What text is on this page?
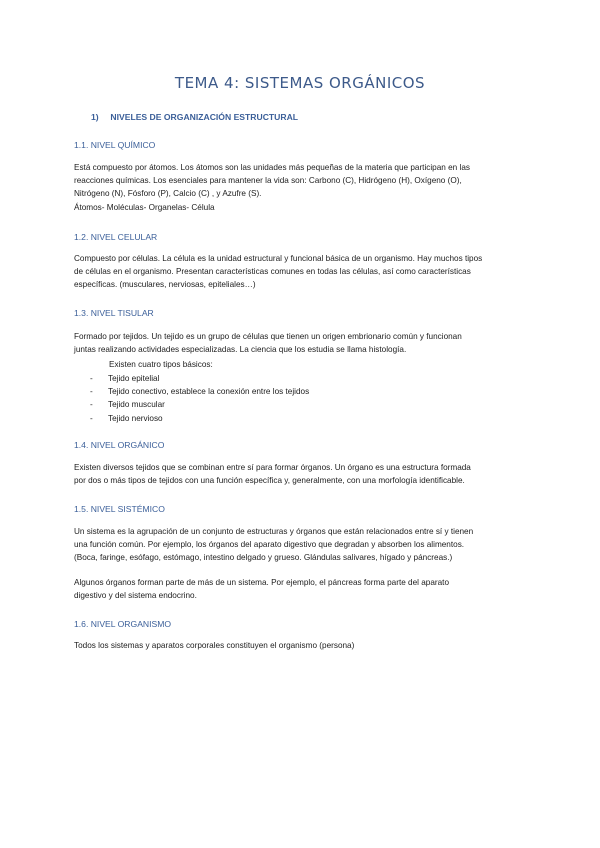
TEMA 4: SISTEMAS ORGÁNICOS
1) NIVELES DE ORGANIZACIÓN ESTRUCTURAL
1.1. NIVEL QUÍMICO

Está compuesto por átomos. Los átomos son las unidades más pequeñas de la materia que participan en las

reacciones químicas. Los esenciales para mantener la vida son: Carbono (C), Hidrógeno (H), Oxígeno (O),

Nitrógeno (N), Fósforo (P), Calcio (C) , y Azufre (S).

Átomos- Moléculas- Organelas- Célula

1.2. NIVEL CELULAR

Compuesto por células. La célula es la unidad estructural y funcional básica de un organismo. Hay muchos tipos

de células en el organismo. Presentan características comunes en todas las células, así como características

específicas. (musculares, nerviosas, epiteliales…)

1.3. NIVEL TISULAR

Formado por tejidos. Un tejido es un grupo de células que tienen un origen embrionario común y funcionan

juntas realizando actividades especializadas. La ciencia que los estudia se llama histología.

Existen cuatro tipos básicos:
- Tejido epitelial
- Tejido conectivo, establece la conexión entre los tejidos
- Tejido muscular
- Tejido nervioso
1.4. NIVEL ORGÁNICO

Existen diversos tejidos que se combinan entre sí para formar órganos. Un órgano es una estructura formada

por dos o más tipos de tejidos con una función específica y, generalmente, con una morfología identificable.

1.5. NIVEL SISTÉMICO

Un sistema es la agrupación de un conjunto de estructuras y órganos que están relacionados entre sí y tienen

una función común. Por ejemplo, los órganos del aparato digestivo que degradan y absorben los alimentos.

(Boca, faringe, esófago, estómago, intestino delgado y grueso. Glándulas salivares, hígado y páncreas.)

Algunos órganos forman parte de más de un sistema. Por ejemplo, el páncreas forma parte del aparato

digestivo y del sistema endocrino.

1.6. NIVEL ORGANISMO

Todos los sistemas y aparatos corporales constituyen el organismo (persona)
